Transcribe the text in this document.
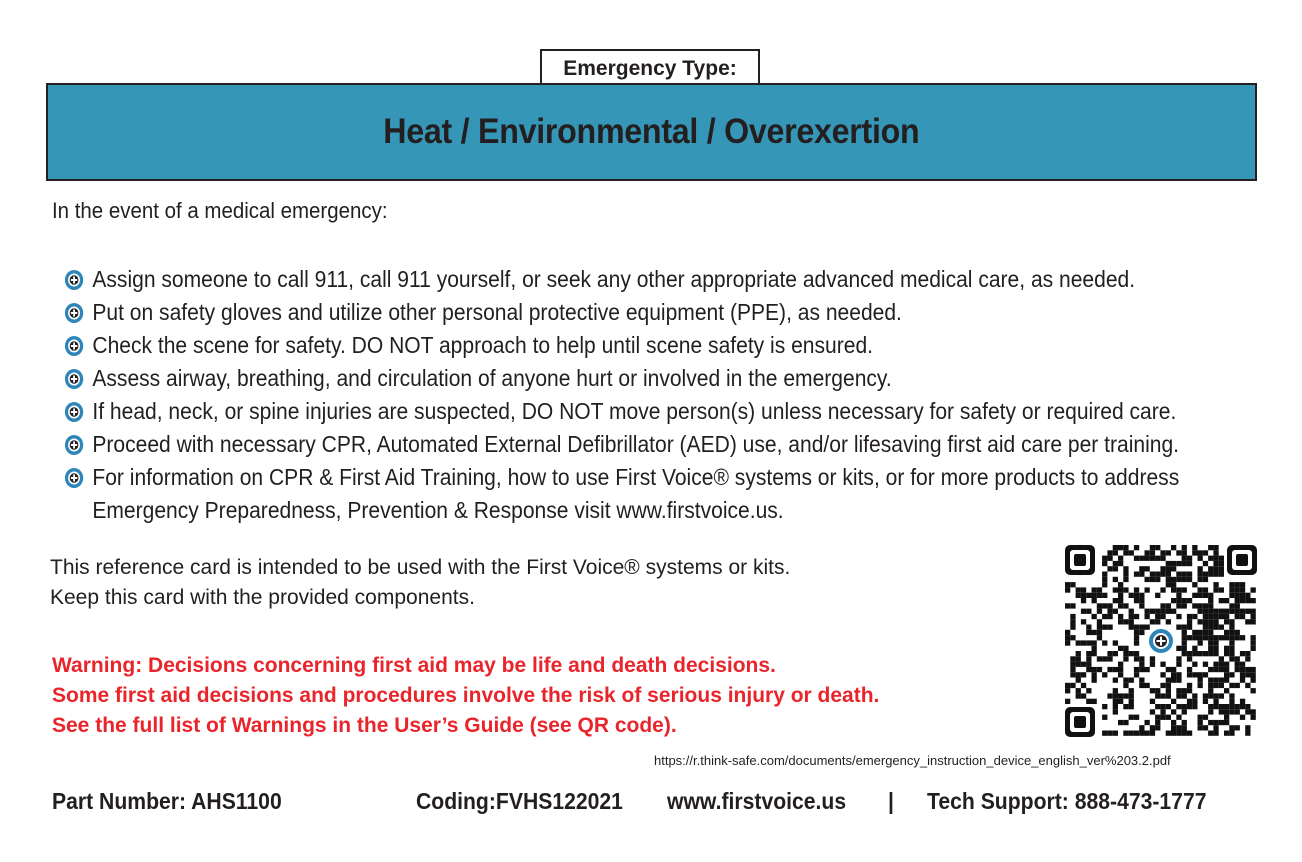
Emergency Type:
Heat / Environmental / Overexertion
In the event of a medical emergency:
Assign someone to call 911, call 911 yourself, or seek any other appropriate advanced medical care, as needed.
Put on safety gloves and utilize other personal protective equipment (PPE), as needed.
Check the scene for safety. DO NOT approach to help until scene safety is ensured.
Assess airway, breathing, and circulation of anyone hurt or involved in the emergency.
If head, neck, or spine injuries are suspected, DO NOT move person(s) unless necessary for safety or required care.
Proceed with necessary CPR, Automated External Defibrillator (AED) use, and/or lifesaving first aid care per training.
For information on CPR & First Aid Training, how to use First Voice® systems or kits, or for more products to address
Emergency Preparedness, Prevention & Response visit www.firstvoice.us.
This reference card is intended to be used with the First Voice® systems or kits.
Keep this card with the provided components.
Warning: Decisions concerning first aid may be life and death decisions.
Some first aid decisions and procedures involve the risk of serious injury or death.
See the full list of Warnings in the User’s Guide (see QR code).
https://r.think-safe.com/documents/emergency_instruction_device_english_ver%203.2.pdf
Part Number: AHS1100	Coding:FVHS122021 www.firstvoice.us | Tech Support: 888-473-1777
